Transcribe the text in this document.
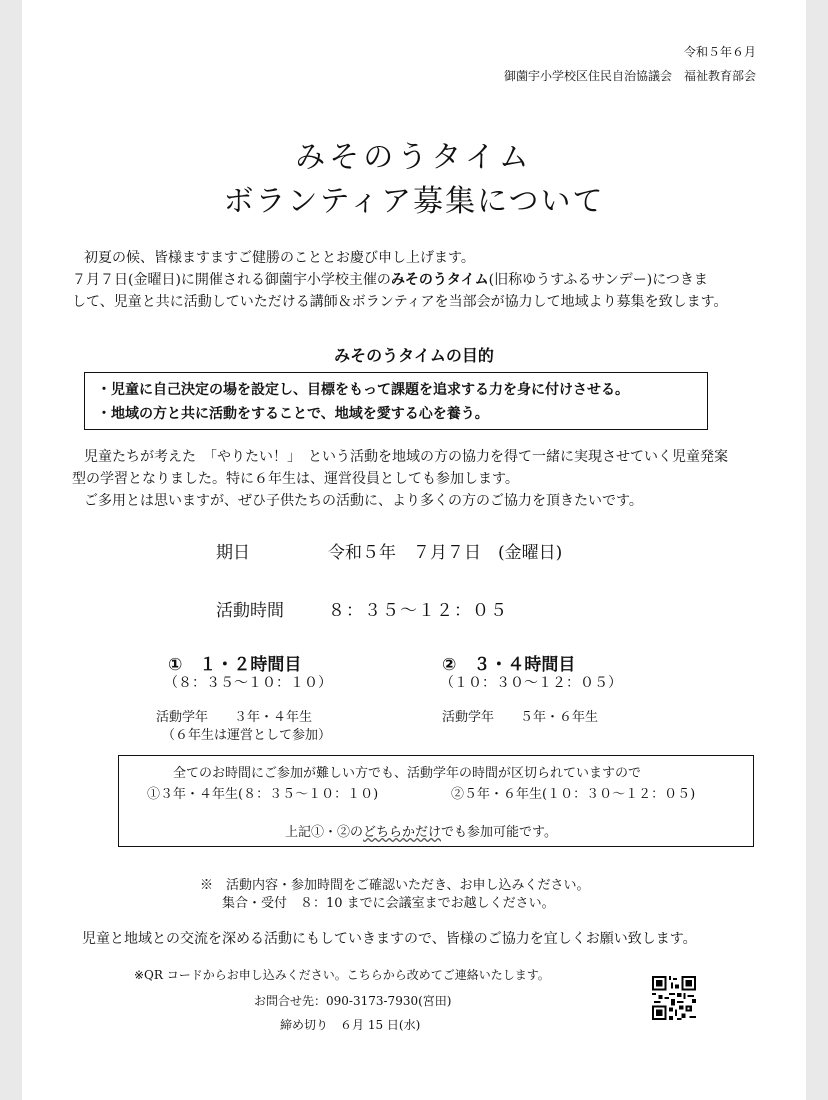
令和５年６月
御薗宇小学校区住民自治協議会　福祉教育部会
みそのうタイム
ボランティア募集について
初夏の候、皆様ますますご健勝のこととお慶び申し上げます。
７月７日(金曜日)に開催される御薗宇小学校主催のみそのうタイム(旧称ゆうすふるサンデー)につきま
して、児童と共に活動していただける講師＆ボランティアを当部会が協力して地域より募集を致します。
みそのうタイムの目的
・児童に自己決定の場を設定し、目標をもって課題を追求する力を身に付けさせる。
・地域の方と共に活動をすることで、地域を愛する心を養う。
児童たちが考えた　「やりたい！」　という活動を地域の方の協力を得て一緒に実現させていく児童発案
型の学習となりました。特に６年生は、運営役員としても参加します。
ご多用とは思いますが、ぜひ子供たちの活動に、より多くの方のご協力を頂きたいです。
期日	令和５年　７月７日　(金曜日)
活動時間	８：３５〜１２：０５
①　１・２時間目
（８：３５〜１０：１０）
活動学年　　３年・４年生
（６年生は運営として参加）
②　３・４時間目
（１０：３０〜１２：０５）
活動学年　　５年・６年生
全てのお時間にご参加が難しい方でも、活動学年の時間が区切られていますので
①３年・４年生(８：３５〜１０：１０)	②５年・６年生(１０：３０〜１２：０５)
上記①・②のどちらかだけでも参加可能です。
※　活動内容・参加時間をご確認いただき、お申し込みください。
集合・受付　８：10 までに会議室までお越しください。
児童と地域との交流を深める活動にもしていきますので、皆様のご協力を宜しくお願い致します。
※QR コードからお申し込みください。こちらから改めてご連絡いたします。
お問合せ先：090-3173-7930(宮田)
締め切り　６月 15 日(水)
